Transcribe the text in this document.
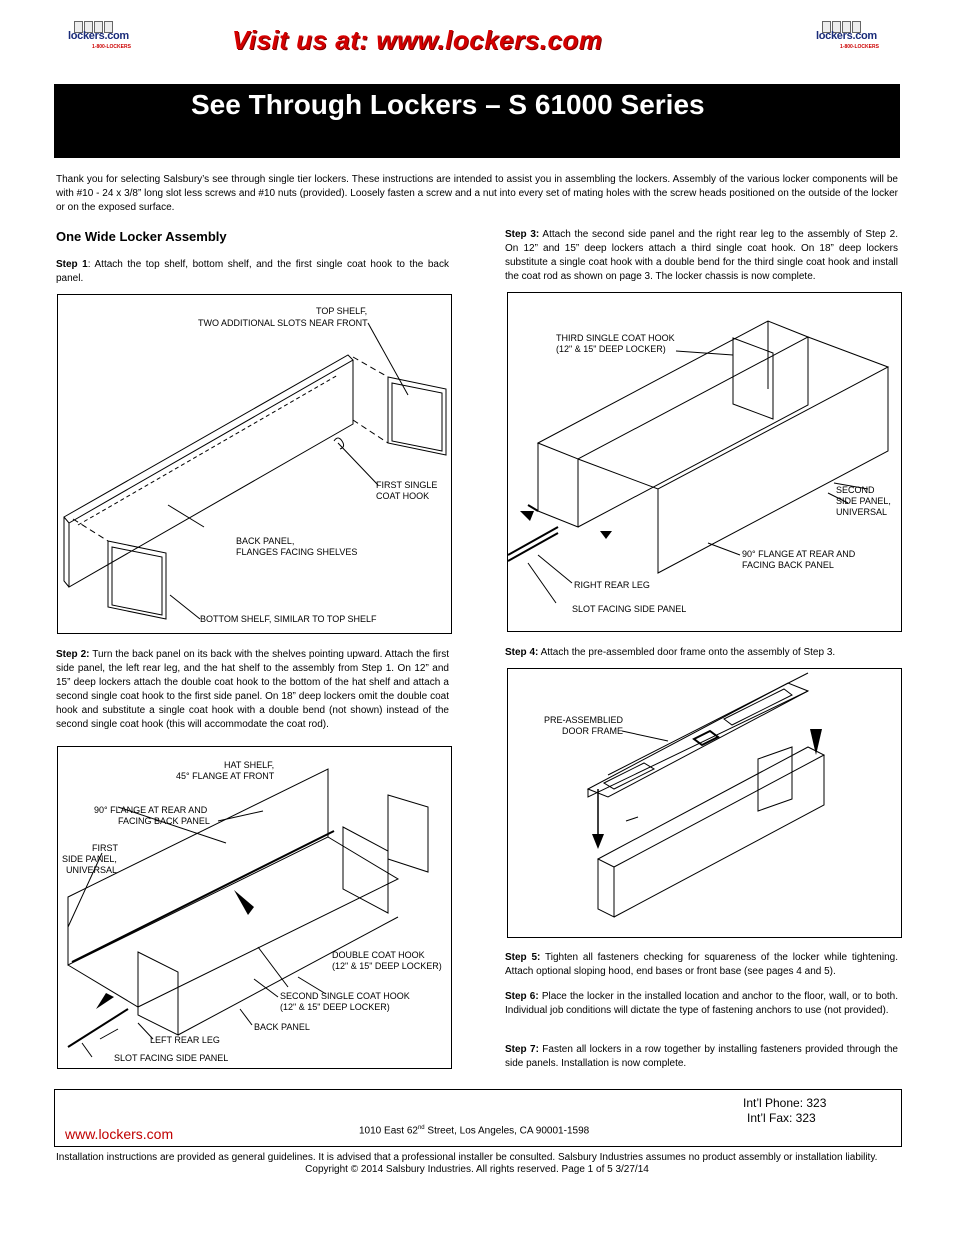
lockers.com
1-800-LOCKERS	Visit us at: www.lockers.com	lockers.com
1-800-LOCKERS
See Through Lockers – S 61000 Series
Thank you for selecting Salsbury’s see through single tier lockers. These instructions are intended to assist you in assembling the lockers. Assembly of the various locker components will be with #10 - 24 x 3/8” long slot less screws and #10 nuts (provided). Loosely fasten a screw and a nut into every set of mating holes with the screw heads positioned on the outside of the locker or on the exposed surface.
One Wide Locker Assembly
Step 1: Attach the top shelf, bottom shelf, and the first single coat hook to the back panel.
TOP SHELF,
TWO ADDITIONAL SLOTS NEAR FRONT
FIRST SINGLE
COAT HOOK
BACK PANEL,
FLANGES FACING SHELVES
BOTTOM SHELF, SIMILAR TO TOP SHELF
Step 2: Turn the back panel on its back with the shelves pointing upward. Attach the first side panel, the left rear leg, and the hat shelf to the assembly from Step 1. On 12” and 15” deep lockers attach the double coat hook to the bottom of the hat shelf and attach a second single coat hook to the first side panel. On 18” deep lockers omit the double coat hook and substitute a single coat hook with a double bend (not shown) instead of the second single coat hook (this will accommodate the coat rod).
HAT SHELF,
45° FLANGE AT FRONT
90° FLANGE AT REAR AND
FACING BACK PANEL
FIRST
SIDE PANEL,
UNIVERSAL
DOUBLE COAT HOOK
(12" & 15" DEEP LOCKER)
SECOND SINGLE COAT HOOK
(12" & 15" DEEP LOCKER)
BACK PANEL
LEFT REAR LEG
SLOT FACING SIDE PANEL
Step 3: Attach the second side panel and the right rear leg to the assembly of Step 2. On 12” and 15” deep lockers attach a third single coat hook. On 18” deep lockers substitute a single coat hook with a double bend for the third single coat hook and install the coat rod as shown on page 3. The locker chassis is now complete.
THIRD SINGLE COAT HOOK
(12" & 15" DEEP LOCKER)
SECOND
SIDE PANEL,
UNIVERSAL
90° FLANGE AT REAR AND
FACING BACK PANEL
RIGHT REAR LEG
SLOT FACING SIDE PANEL
Step 4: Attach the pre-assembled door frame onto the assembly of Step 3.
PRE-ASSEMBLIED
DOOR FRAME
Step 5: Tighten all fasteners checking for squareness of the locker while tightening. Attach optional sloping hood, end bases or front base (see pages 4 and 5).
Step 6: Place the locker in the installed location and anchor to the floor, wall, or to both. Individual job conditions will dictate the type of fastening anchors to use (not provided).
Step 7: Fasten all lockers in a row together by installing fasteners provided through the side panels. Installation is now complete.
www.lockers.com	1010 East 62nd Street, Los Angeles, CA 90001-1598
Int’l Phone: 323
Int’l Fax: 323
Installation instructions are provided as general guidelines. It is advised that a professional installer be consulted. Salsbury Industries assumes no product assembly or installation liability.
Copyright © 2014 Salsbury Industries. All rights reserved. Page 1 of 5 3/27/14
